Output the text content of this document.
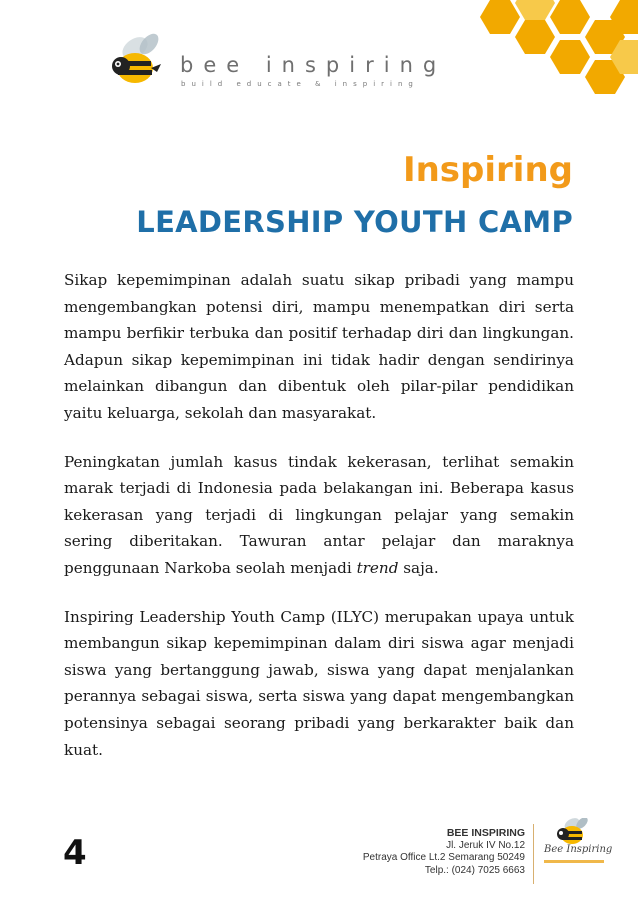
bee inspiring
build educate & inspiring
Inspiring
LEADERSHIP YOUTH CAMP

Sikap kepemimpinan adalah suatu sikap pribadi yang mampu mengembangkan potensi diri, mampu menempatkan diri serta mampu berfikir terbuka dan positif terhadap diri dan lingkungan. Adapun sikap kepemimpinan ini tidak hadir dengan sendirinya melainkan dibangun dan dibentuk oleh pilar-pilar pendidikan yaitu keluarga, sekolah dan masyarakat.

Peningkatan jumlah kasus tindak kekerasan, terlihat semakin marak terjadi di Indonesia pada belakangan ini. Beberapa kasus kekerasan yang terjadi di lingkungan pelajar yang semakin sering diberitakan. Tawuran antar pelajar dan maraknya penggunaan Narkoba seolah menjadi trend saja.

Inspiring Leadership Youth Camp (ILYC) merupakan upaya untuk membangun sikap kepemimpinan dalam diri siswa agar menjadi siswa yang bertanggung jawab, siswa yang dapat menjalankan perannya sebagai siswa, serta siswa yang dapat mengembangkan potensinya sebagai seorang pribadi yang berkarakter baik dan kuat.

4	BEE INSPIRING
Jl. Jeruk IV No.12
Petraya Office Lt.2 Semarang 50249
Telp.: (024) 7025 6663
Bee Inspiring
